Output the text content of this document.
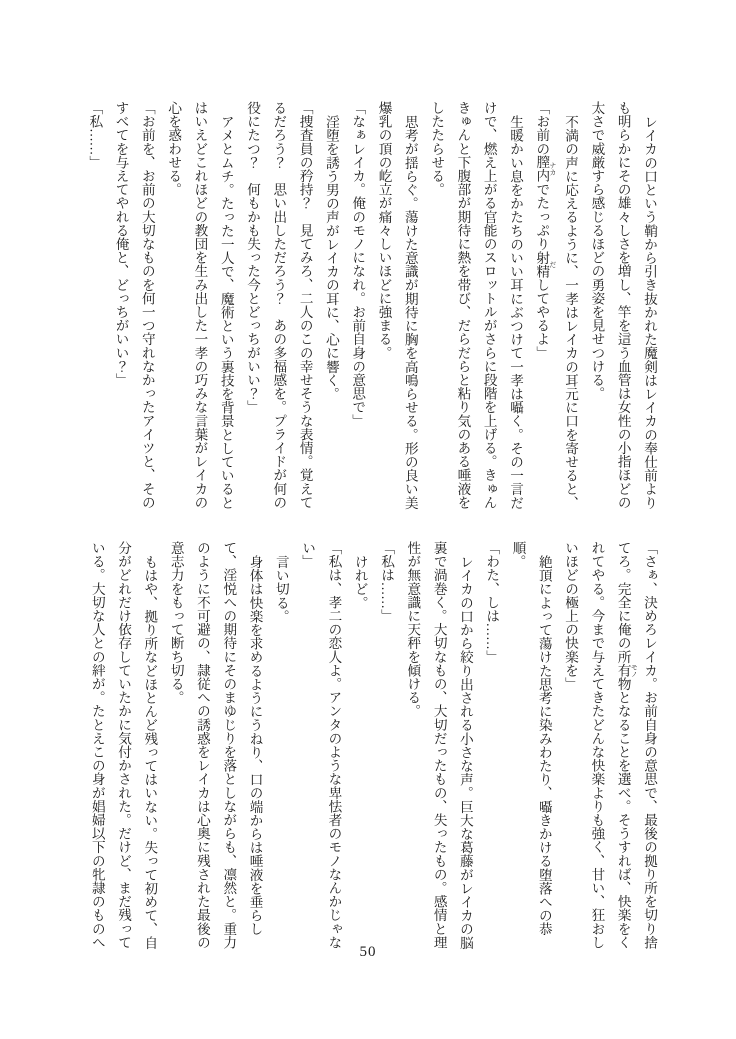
レイカの口という鞘から引き抜かれた魔剣はレイカの奉仕前よりも明らかにその雄々しさを増し、竿を這う血管は女性の小指ほどの太さで威厳すら感じるほどの勇姿を見せつける。

不満の声に応えるように、一孝はレイカの耳元に口を寄せると、

「お前の膣内 ナカでたっぷり射精 だしてやるよ」

生暖かい息をかたちのいい耳にぶつけて一孝は囁く。その一言だけで、燃え上がる官能のスロットルがさらに段階を上げる。きゅんきゅんと下腹部が期待に熱を帯び、だらだらと粘り気のある唾液をしたたらせる。

思考が揺らぐ。蕩けた意識が期待に胸を高鳴らせる。形の良い美爆乳の頂の屹立が痛々しいほどに強まる。

「なぁレイカ。俺のモノになれ。お前自身の意思で」

淫堕を誘う男の声がレイカの耳に、心に響く。

「捜査員の矜持？　見てみろ、二人のこの幸せそうな表情。覚えてるだろう？　思い出しただろう？　あの多福感を。プライドが何の役にたつ？　何もかも失った今とどっちがいい？」

アメとムチ。たった一人で、魔術という裏技を背景としているとはいえどこれほどの教団を生み出した一孝の巧みな言葉がレイカの心を惑わせる。

「お前を、お前の大切なものを何一つ守れなかったアイツと、そのすべてを与えてやれる俺と、どっちがいい？」

「私……」

「さぁ、決めろレイカ。お前自身の意思で、最後の拠り所を切り捨てろ。完全に俺の所有物 モノとなることを選べ。そうすれば、快楽をくれてやる。今まで与えてきたどんな快楽よりも強く、甘い、狂おしいほどの極上の快楽を」

絶頂によって蕩けた思考に染みわたり、囁きかける堕落への恭順。

「わた、しは……」

レイカの口から絞り出される小さな声。巨大な葛藤がレイカの脳裏で渦巻く。大切なもの、大切だったもの、失ったもの。感情と理性が無意識に天秤を傾ける。

「私は……」

けれど。

「私は、孝二の恋人よ。アンタのような卑怯者のモノなんかじゃない」

言い切る。

身体は快楽を求めるようにうねり、口の端からは唾液を垂らして、淫悦への期待にそのまゆじりを落としながらも、凛然と。重力のように不可避の、隷従への誘惑をレイカは心奥に残された最後の意志力をもって断ち切る。

もはや、拠り所などほとんど残ってはいない。失って初めて、自分がどれだけ依存していたかに気付かされた。だけど、まだ残っている。大切な人との絆が。たとえこの身が娼婦以下の牝隷のものへ

50
